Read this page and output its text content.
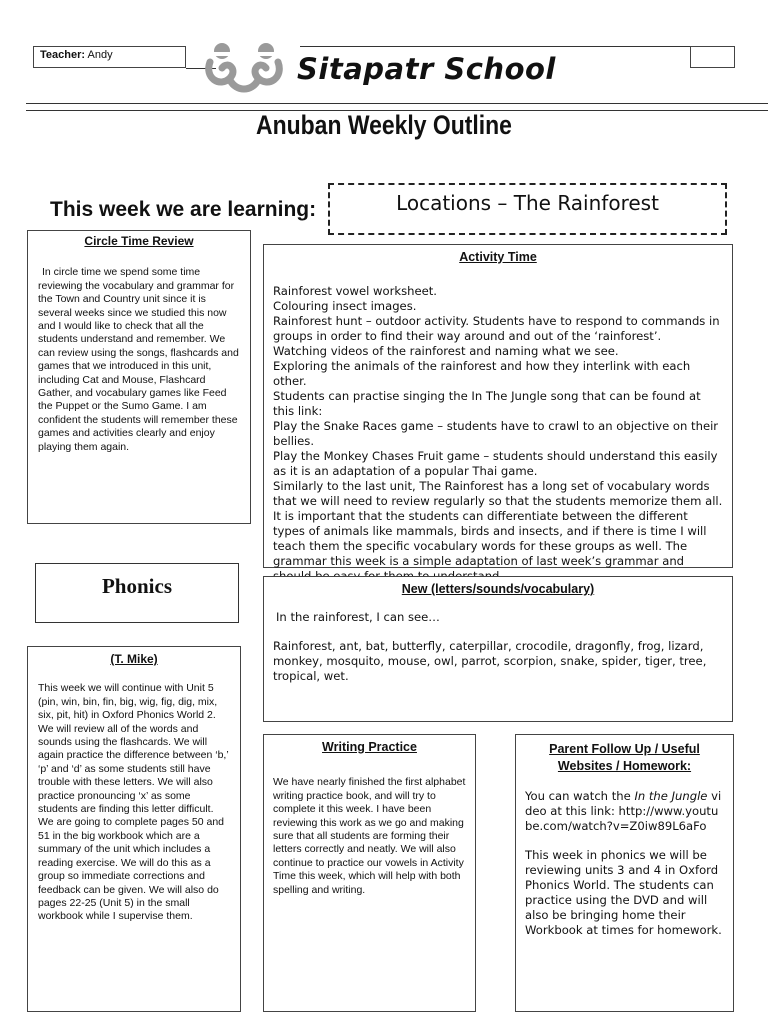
Teacher: Andy	Sitapatr School
Anuban Weekly Outline
This week we are learning:	Locations – The Rainforest
Circle Time Review

In circle time we spend some time reviewing the vocabulary and grammar for the Town and Country unit since it is several weeks since we studied this now and I would like to check that all the students understand and remember. We can review using the songs, flashcards and games that we introduced in this unit, including Cat and Mouse, Flashcard Gather, and vocabulary games like Feed the Puppet or the Sumo Game. I am confident the students will remember these games and activities clearly and enjoy playing them again.

Activity Time

Rainforest vowel worksheet.

Colouring insect images.

Rainforest hunt – outdoor activity. Students have to respond to commands in groups in order to find their way around and out of the ‘rainforest’.

Watching videos of the rainforest and naming what we see.

Exploring the animals of the rainforest and how they interlink with each other.

Students can practise singing the In The Jungle song that can be found at this link:

Play the Snake Races game – students have to crawl to an objective on their bellies.

Play the Monkey Chases Fruit game – students should understand this easily as it is an adaptation of a popular Thai game.

Similarly to the last unit, The Rainforest has a long set of vocabulary words that we will need to review regularly so that the students memorize them all. It is important that the students can differentiate between the different types of animals like mammals, birds and insects, and if there is time I will teach them the specific vocabulary words for these groups as well. The grammar this week is a simple adaptation of last week’s grammar and

Phonics
(T. Mike)

This week we will continue with Unit 5 (pin, win, bin, fin, big, wig, fig, dig, mix, six, pit, hit) in Oxford Phonics World 2. We will review all of the words and sounds using the flashcards. We will again practice the difference between ‘b,’ ‘p’ and ‘d’ as some students still have trouble with these letters. We will also practice pronouncing ‘x’ as some students are finding this letter difficult. We are going to complete pages 50 and 51 in the big workbook which are a summary of the unit which includes a reading exercise. We will do this as a group so immediate corrections and feedback can be given. We will also do pages 22-25 (Unit 5) in the small workbook while I supervise them.

New (letters/sounds/vocabulary)

In the rainforest, I can see…

Rainforest, ant, bat, butterfly, caterpillar, crocodile, dragonfly, frog, lizard, monkey, mosquito, mouse, owl, parrot, scorpion, snake, spider, tiger, tree, tropical, wet.

Writing Practice

We have nearly finished the first alphabet writing practice book, and will try to complete it this week. I have been reviewing this work as we go and making sure that all students are forming their letters correctly and neatly. We will also continue to practice our vowels in Activity Time this week, which will help with both spelling and writing.

Parent Follow Up / Useful Websites / Homework:

You can watch the In the Jungle video at this link: http://www.youtube.com/watch?v=Z0iw89L6aFo

This week in phonics we will be reviewing units 3 and 4 in Oxford Phonics World. The students can practice using the DVD and will also be bringing home their Workbook at times for homework.
